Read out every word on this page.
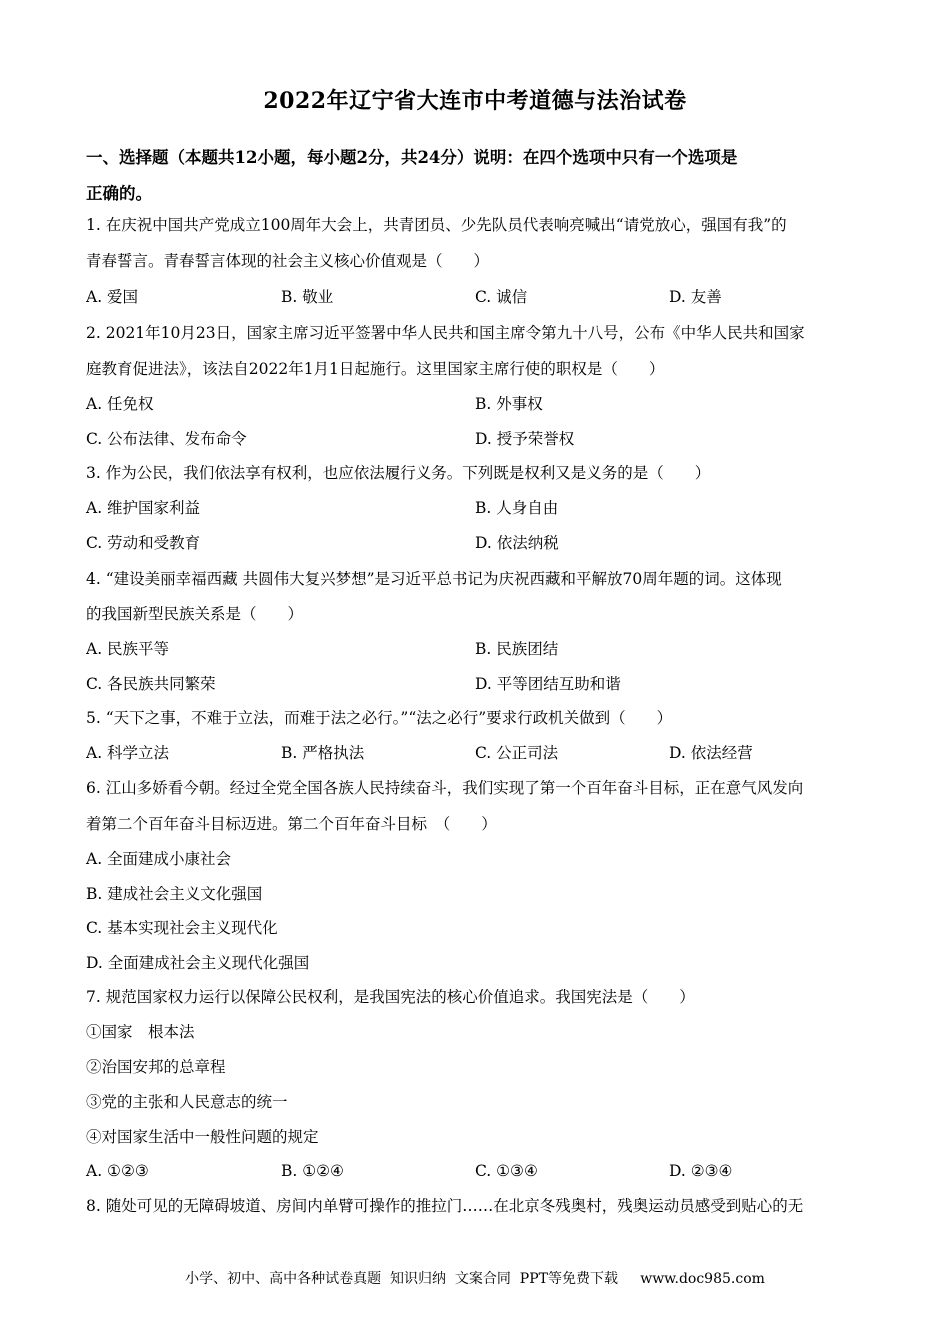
2022年辽宁省大连市中考道德与法治试卷
一、选择题（本题共12小题，每小题2分，共24分）说明：在四个选项中只有一个选项是
正确的。
1. 在庆祝中国共产党成立100周年大会上，共青团员、少先队员代表响亮喊出“请党放心，强国有我”的
青春誓言。青春誓言体现的社会主义核心价值观是（　　）
A. 爱国	B. 敬业	C. 诚信	D. 友善
2. 2021年10月23日，国家主席习近平签署中华人民共和国主席令第九十八号，公布《中华人民共和国家
庭教育促进法》，该法自2022年1月1日起施行。这里国家主席行使的职权是（　　）
A. 任免权	B. 外事权
C. 公布法律、发布命令	D. 授予荣誉权
3. 作为公民，我们依法享有权利，也应依法履行义务。下列既是权利又是义务的是（　　）
A. 维护国家利益	B. 人身自由
C. 劳动和受教育	D. 依法纳税
4. “建设美丽幸福西藏 共圆伟大复兴梦想”是习近平总书记为庆祝西藏和平解放70周年题的词。这体现
的我国新型民族关系是（　　）
A. 民族平等	B. 民族团结
C. 各民族共同繁荣	D. 平等团结互助和谐
5. “天下之事，不难于立法，而难于法之必行。”“法之必行”要求行政机关做到（　　）
A. 科学立法	B. 严格执法	C. 公正司法	D. 依法经营
6. 江山多娇看今朝。经过全党全国各族人民持续奋斗，我们实现了第一个百年奋斗目标，正在意气风发向
着第二个百年奋斗目标迈进。第二个百年奋斗目标　（　　）
A. 全面建成小康社会
B. 建成社会主义文化强国
C. 基本实现社会主义现代化
D. 全面建成社会主义现代化强国
7. 规范国家权力运行以保障公民权利，是我国宪法的核心价值追求。我国宪法是（　　）
①国家　根本法
②治国安邦的总章程
③党的主张和人民意志的统一
④对国家生活中一般性问题的规定
A. ①②③	B. ①②④	C. ①③④	D. ②③④
8. 随处可见的无障碍坡道、房间内单臂可操作的推拉门……在北京冬残奥村，残奥运动员感受到贴心的无
小学、初中、高中各种试卷真题  知识归纳  文案合同  PPT等免费下载     www.doc985.com
